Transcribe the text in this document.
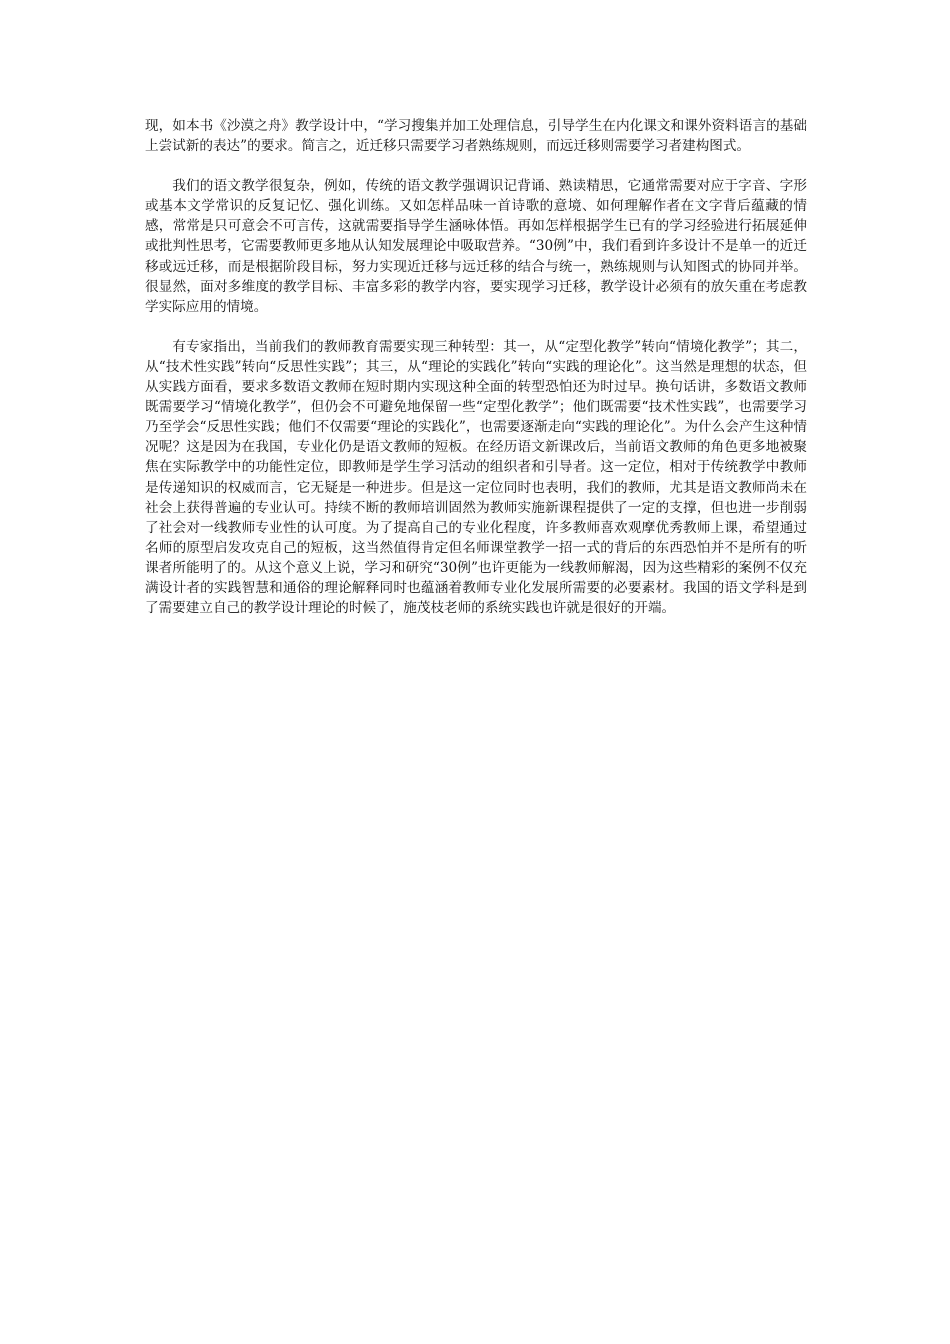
现，如本书《沙漠之舟》教学设计中，“学习搜集并加工处理信息，引导学生在内化课文和课外资料语言的基础上尝试新的表达”的要求。简言之，近迁移只需要学习者熟练规则，而远迁移则需要学习者建构图式。

我们的语文教学很复杂，例如，传统的语文教学强调识记背诵、熟读精思，它通常需要对应于字音、字形或基本文学常识的反复记忆、强化训练。又如怎样品味一首诗歌的意境、如何理解作者在文字背后蕴藏的情感，常常是只可意会不可言传，这就需要指导学生涵咏体悟。再如怎样根据学生已有的学习经验进行拓展延伸或批判性思考，它需要教师更多地从认知发展理论中吸取营养。“30例”中，我们看到许多设计不是单一的近迁移或远迁移，而是根据阶段目标，努力实现近迁移与远迁移的结合与统一，熟练规则与认知图式的协同并举。很显然，面对多维度的教学目标、丰富多彩的教学内容，要实现学习迁移，教学设计必须有的放矢重在考虑教学实际应用的情境。

有专家指出，当前我们的教师教育需要实现三种转型：其一，从“定型化教学”转向“情境化教学”；其二，从“技术性实践”转向“反思性实践”；其三，从“理论的实践化”转向“实践的理论化”。这当然是理想的状态，但从实践方面看，要求多数语文教师在短时期内实现这种全面的转型恐怕还为时过早。换句话讲，多数语文教师既需要学习“情境化教学”，但仍会不可避免地保留一些“定型化教学”；他们既需要“技术性实践”，也需要学习乃至学会“反思性实践；他们不仅需要“理论的实践化”，也需要逐渐走向“实践的理论化”。为什么会产生这种情况呢？这是因为在我国，专业化仍是语文教师的短板。在经历语文新课改后，当前语文教师的角色更多地被聚焦在实际教学中的功能性定位，即教师是学生学习活动的组织者和引导者。这一定位，相对于传统教学中教师是传递知识的权威而言，它无疑是一种进步。但是这一定位同时也表明，我们的教师，尤其是语文教师尚未在社会上获得普遍的专业认可。持续不断的教师培训固然为教师实施新课程提供了一定的支撑，但也进一步削弱了社会对一线教师专业性的认可度。为了提高自己的专业化程度，许多教师喜欢观摩优秀教师上课，希望通过名师的原型启发攻克自己的短板，这当然值得肯定但名师课堂教学一招一式的背后的东西恐怕并不是所有的听课者所能明了的。从这个意义上说，学习和研究“30例”也许更能为一线教师解渴，因为这些精彩的案例不仅充满设计者的实践智慧和通俗的理论解释同时也蕴涵着教师专业化发展所需要的必要素材。我国的语文学科是到了需要建立自己的教学设计理论的时候了，施茂枝老师的系统实践也许就是很好的开端。
